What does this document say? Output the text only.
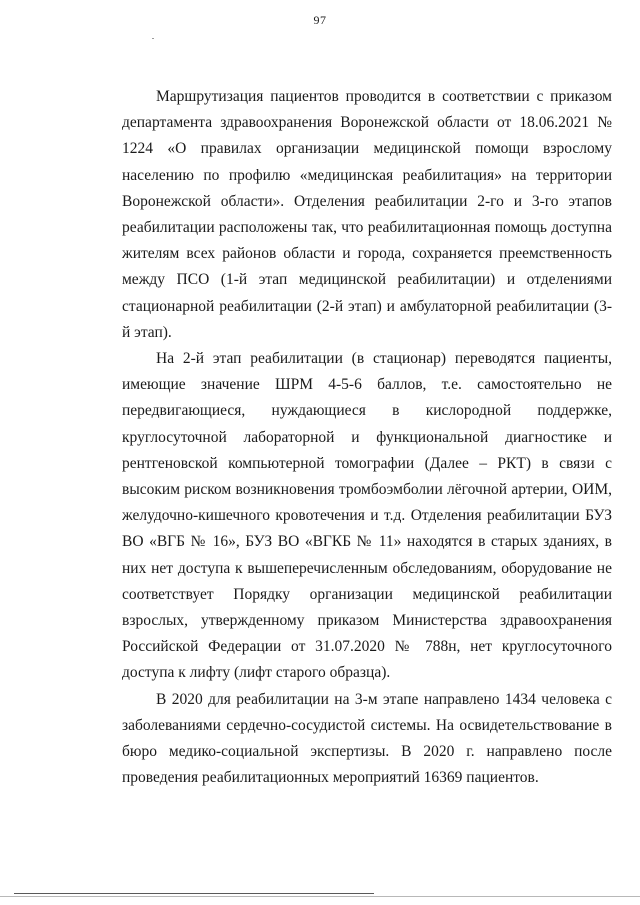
97

Маршрутизация пациентов проводится в соответствии с приказом департамента здравоохранения Воронежской области от 18.06.2021 № 1224 «О правилах организации медицинской помощи взрослому населению по профилю «медицинская реабилитация» на территории Воронежской области». Отделения реабилитации 2-го и 3-го этапов реабилитации расположены так, что реабилитационная помощь доступна жителям всех районов области и города, сохраняется преемственность между ПСО (1-й этап медицинской реабилитации) и отделениями стационарной реабилитации (2-й этап) и амбулаторной реабилитации (3-й этап).

На 2-й этап реабилитации (в стационар) переводятся пациенты, имеющие значение ШРМ 4-5-6 баллов, т.е. самостоятельно не передвигающиеся, нуждающиеся в кислородной поддержке, круглосуточной лабораторной и функциональной диагностике и рентгеновской компьютерной томографии (Далее – РКТ) в связи с высоким риском возникновения тромбоэмболии лёгочной артерии, ОИМ, желудочно-кишечного кровотечения и т.д. Отделения реабилитации БУЗ ВО «ВГБ № 16», БУЗ ВО «ВГКБ № 11» находятся в старых зданиях, в них нет доступа к вышеперечисленным обследованиям, оборудование не соответствует Порядку организации медицинской реабилитации взрослых, утвержденному приказом Министерства здравоохранения Российской Федерации от 31.07.2020 № 788н, нет круглосуточного доступа к лифту (лифт старого образца).

В 2020 для реабилитации на 3-м этапе направлено 1434 человека с заболеваниями сердечно-сосудистой системы. На освидетельствование в бюро медико-социальной экспертизы. В 2020 г. направлено после проведения реабилитационных мероприятий 16369 пациентов.
